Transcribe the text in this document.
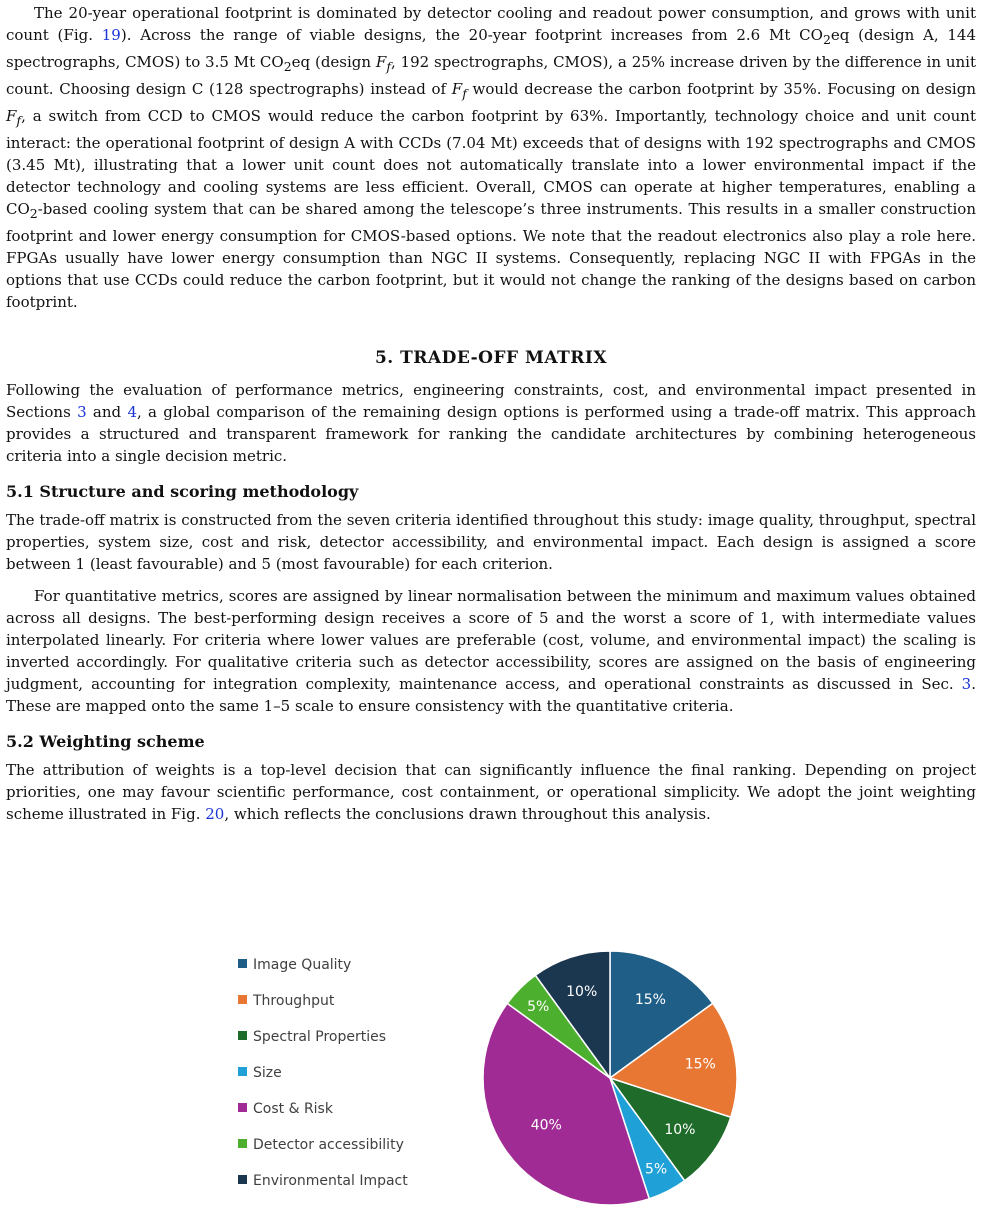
The 20-year operational footprint is dominated by detector cooling and readout power consumption, and grows with unit count (Fig. 19). Across the range of viable designs, the 20-year footprint increases from 2.6 Mt $CO_2eq$ (design A, 144 spectrographs, CMOS) to 3.5 Mt $CO_2eq$ (design $F_f$, 192 spectrographs, CMOS), a 25% increase driven by the difference in unit count. Choosing design C (128 spectrographs) instead of $F_f$ would decrease the carbon footprint by 35%. Focusing on design $F_f$, a switch from CCD to CMOS would reduce the carbon footprint by 63%. Importantly, technology choice and unit count interact: the operational footprint of design A with CCDs (7.04 Mt) exceeds that of designs with 192 spectrographs and CMOS (3.45 Mt), illustrating that a lower unit count does not automatically translate into a lower environmental impact if the detector technology and cooling systems are less efficient. Overall, CMOS can operate at higher temperatures, enabling a $CO_2$-based cooling system that can be shared among the telescope’s three instruments. This results in a smaller construction footprint and lower energy consumption for CMOS-based options. We note that the readout electronics also play a role here. FPGAs usually have lower energy consumption than NGC II systems. Consequently, replacing NGC II with FPGAs in the options that use CCDs could reduce the carbon footprint, but it would not change the ranking of the designs based on carbon footprint.

5. TRADE-OFF MATRIX

Following the evaluation of performance metrics, engineering constraints, cost, and environmental impact presented in Sections 3 and 4, a global comparison of the remaining design options is performed using a trade-off matrix. This approach provides a structured and transparent framework for ranking the candidate architectures by combining heterogeneous criteria into a single decision metric.

5.1 Structure and scoring methodology

The trade-off matrix is constructed from the seven criteria identified throughout this study: image quality, throughput, spectral properties, system size, cost and risk, detector accessibility, and environmental impact. Each design is assigned a score between 1 (least favourable) and 5 (most favourable) for each criterion.

For quantitative metrics, scores are assigned by linear normalisation between the minimum and maximum values obtained across all designs. The best-performing design receives a score of 5 and the worst a score of 1, with intermediate values interpolated linearly. For criteria where lower values are preferable (cost, volume, and environmental impact) the scaling is inverted accordingly. For qualitative criteria such as detector accessibility, scores are assigned on the basis of engineering judgment, accounting for integration complexity, maintenance access, and operational constraints as discussed in Sec. 3. These are mapped onto the same 1–5 scale to ensure consistency with the quantitative criteria.

5.2 Weighting scheme

The attribution of weights is a top-level decision that can significantly influence the final ranking. Depending on project priorities, one may favour scientific performance, cost containment, or operational simplicity. We adopt the joint weighting scheme illustrated in Fig. 20, which reflects the conclusions drawn throughout this analysis.

Image Quality
Throughput
Spectral Properties
Size
Cost & Risk
Detector accessibility
Environmental Impact
15%
15%
10%
5%
40%
5%
10%
